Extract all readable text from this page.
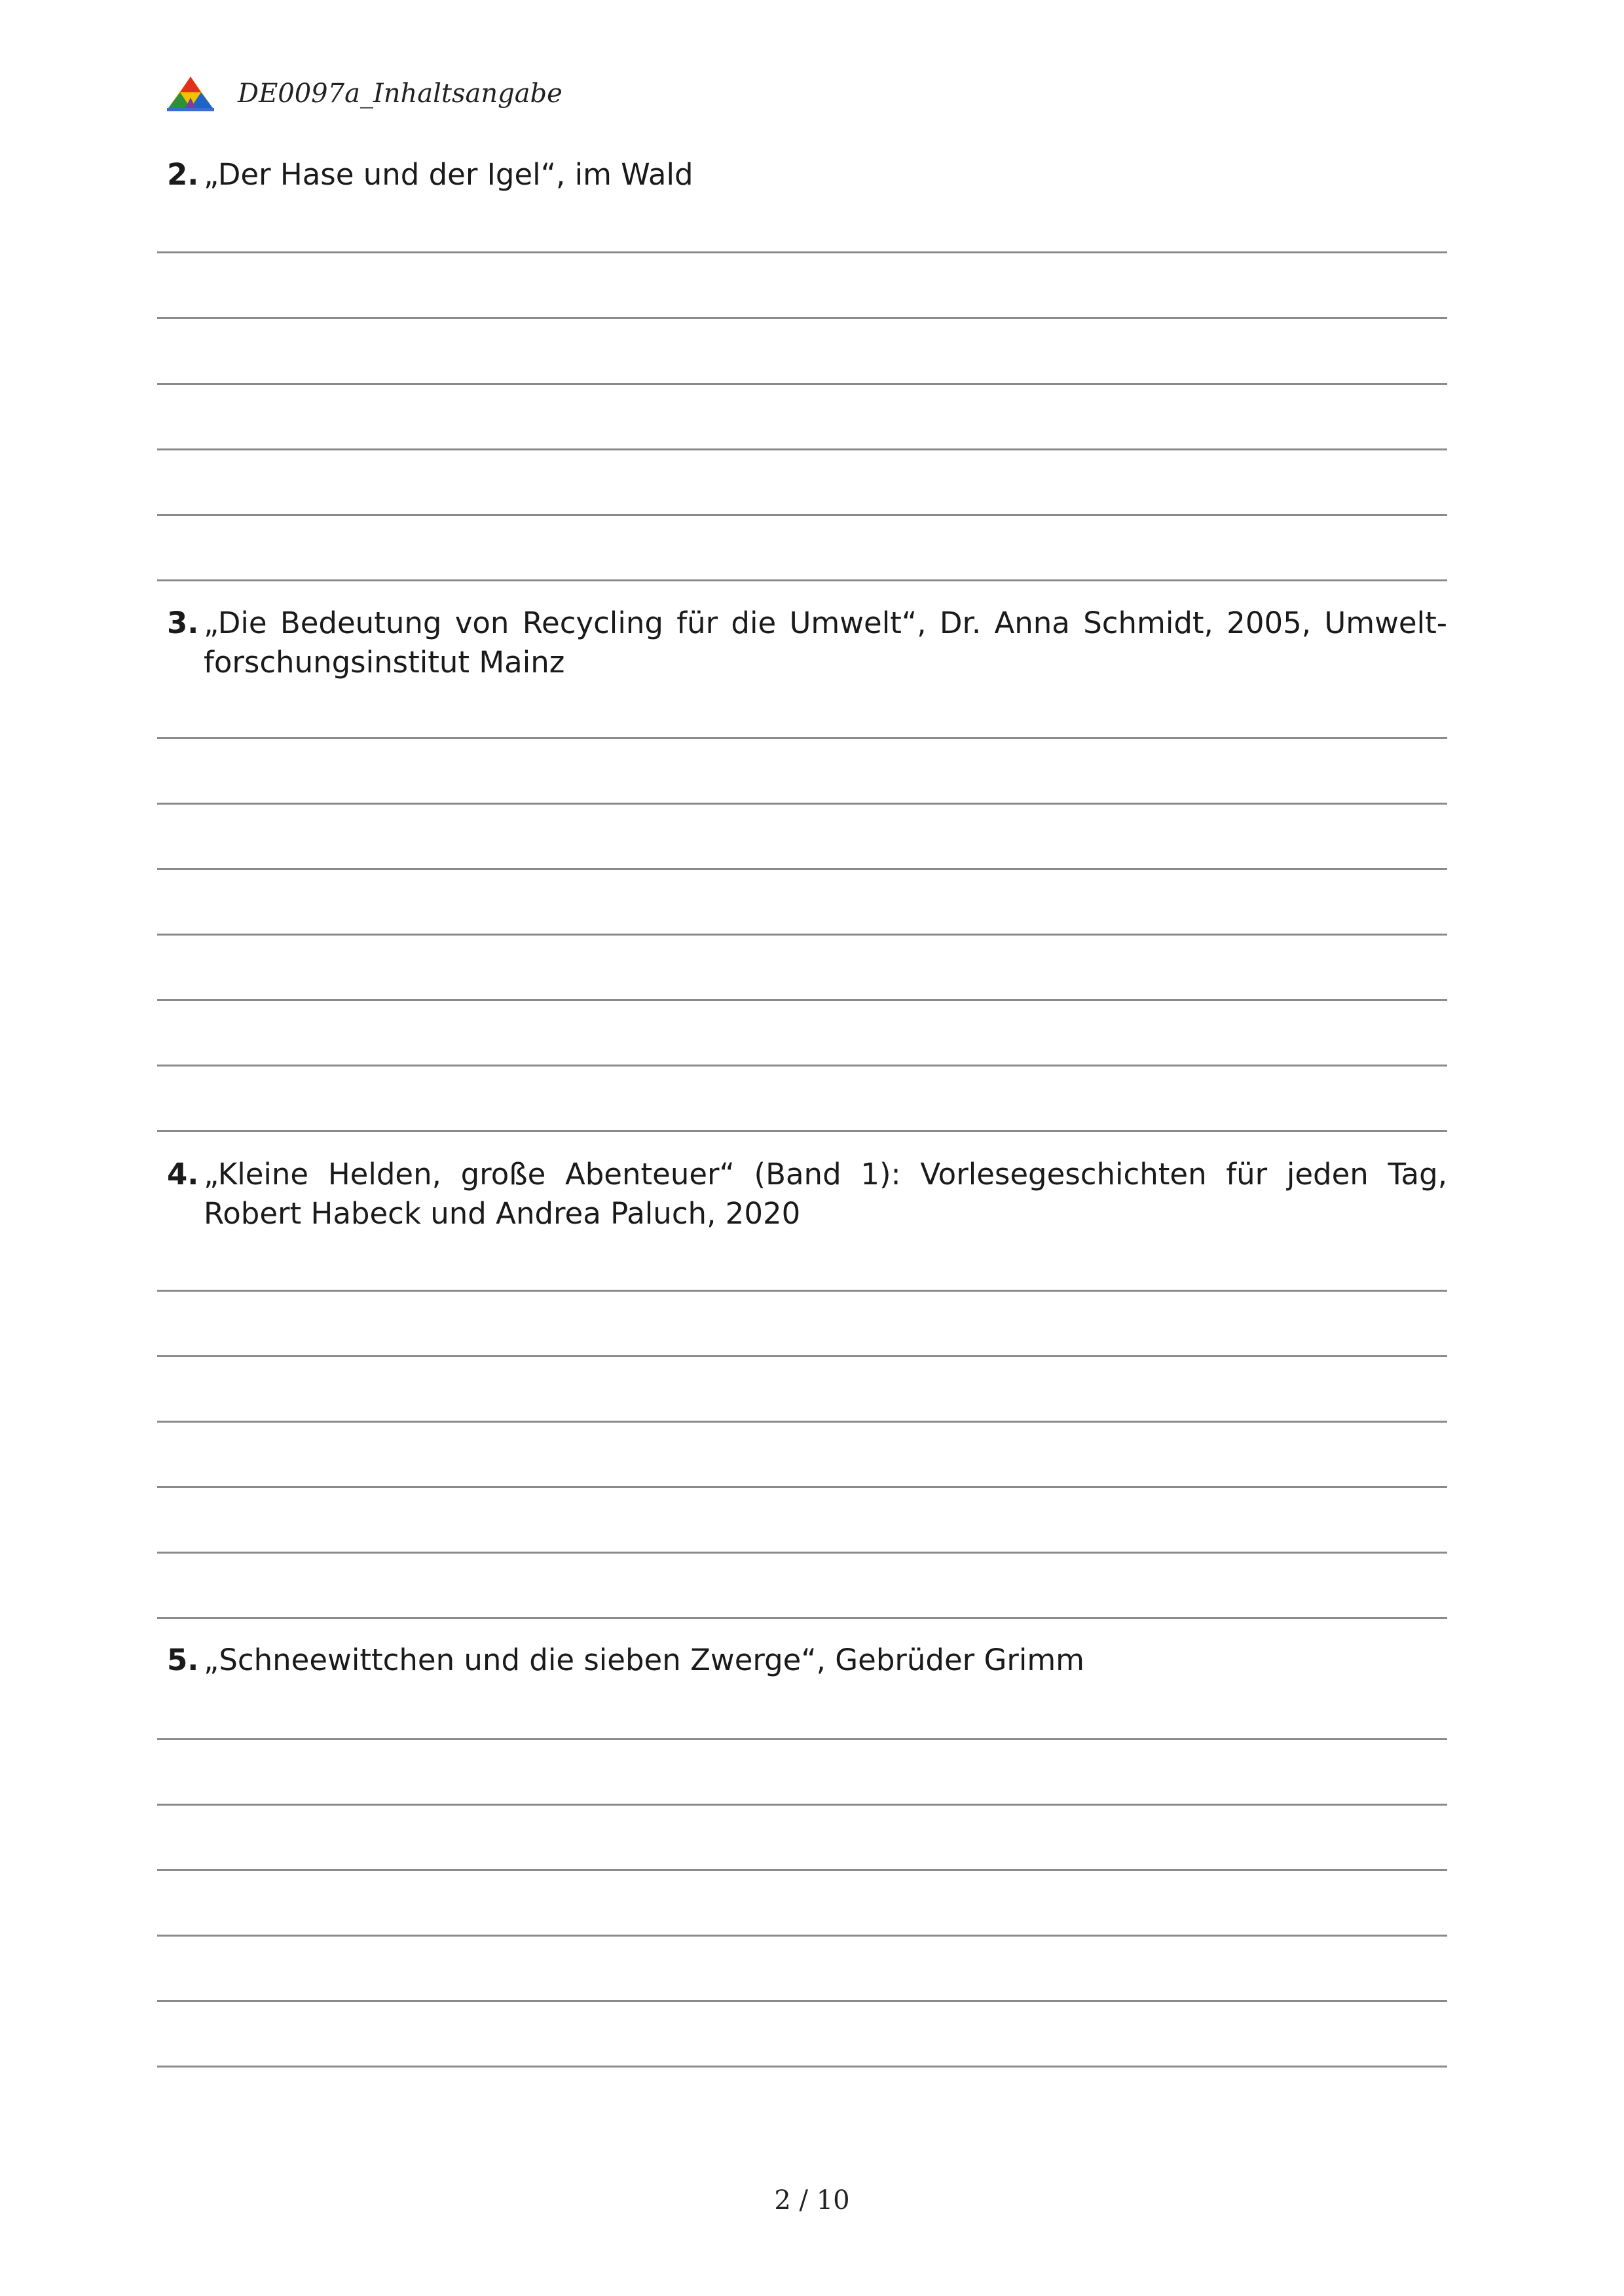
DE0097a_Inhaltsangabe
2. „Der Hase und der Igel“, im Wald
3. „Die Bedeutung von Recycling für die Umwelt“, Dr. Anna Schmidt, 2005, Umweltforschungsinstitut Mainz
4. „Kleine Helden, große Abenteuer“ (Band 1): Vorlesegeschichten für jeden Tag, Robert Habeck und Andrea Paluch, 2020
5. „Schneewittchen und die sieben Zwerge“, Gebrüder Grimm
2 / 10
